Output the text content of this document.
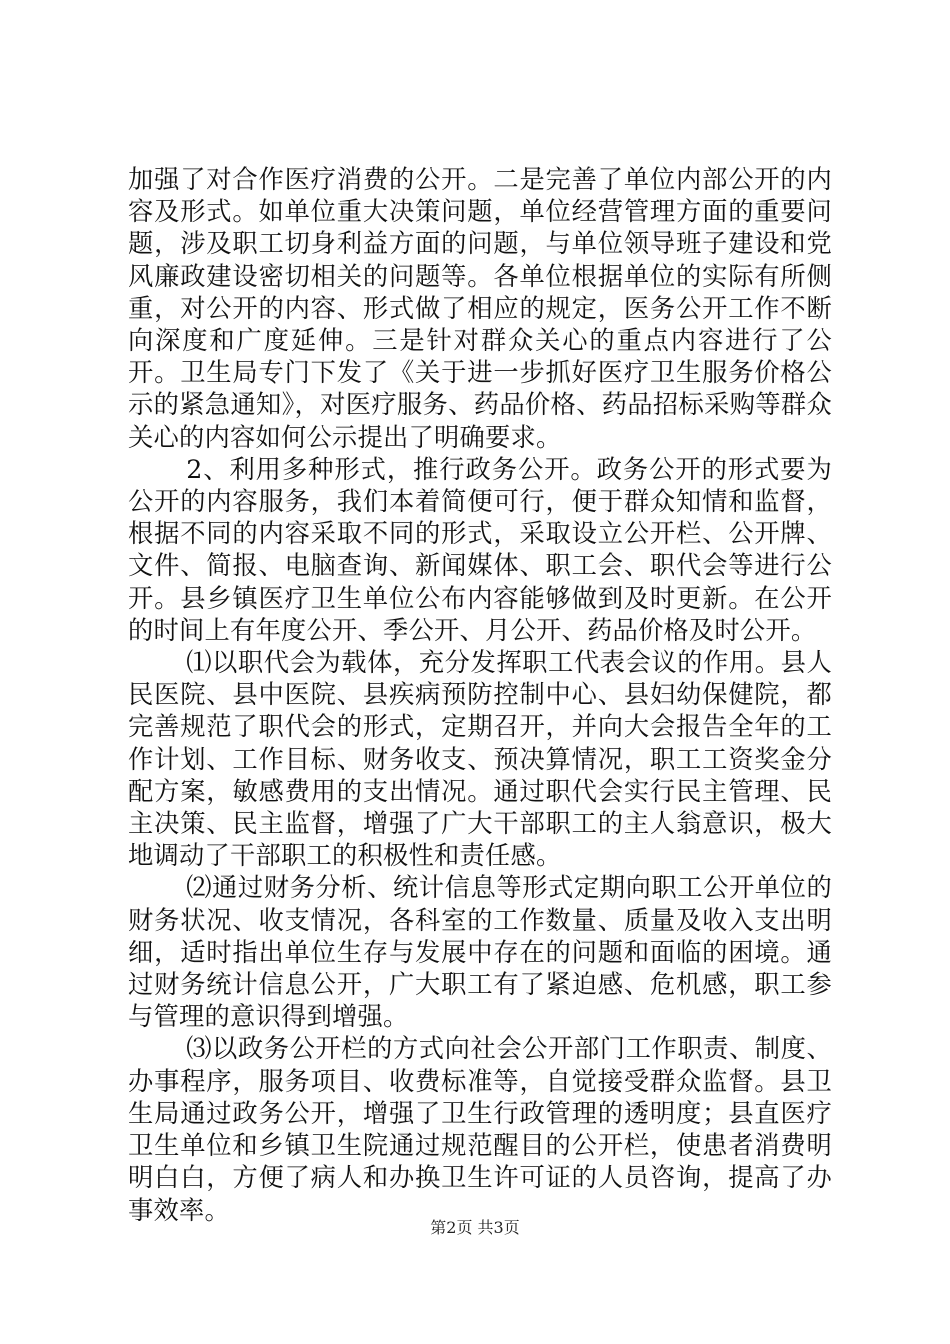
加强了对合作医疗消费的公开。二是完善了单位内部公开的内容及形式。如单位重大决策问题，单位经营管理方面的重要问题，涉及职工切身利益方面的问题，与单位领导班子建设和党风廉政建设密切相关的问题等。各单位根据单位的实际有所侧重，对公开的内容、形式做了相应的规定，医务公开工作不断向深度和广度延伸。三是针对群众关心的重点内容进行了公开。卫生局专门下发了《关于进一步抓好医疗卫生服务价格公示的紧急通知》，对医疗服务、药品价格、药品招标采购等群众关心的内容如何公示提出了明确要求。

2、利用多种形式，推行政务公开。政务公开的形式要为公开的内容服务，我们本着简便可行，便于群众知情和监督，根据不同的内容采取不同的形式，采取设立公开栏、公开牌、文件、简报、电脑查询、新闻媒体、职工会、职代会等进行公开。县乡镇医疗卫生单位公布内容能够做到及时更新。在公开的时间上有年度公开、季公开、月公开、药品价格及时公开。

⑴以职代会为载体，充分发挥职工代表会议的作用。县人民医院、县中医院、县疾病预防控制中心、县妇幼保健院，都完善规范了职代会的形式，定期召开，并向大会报告全年的工作计划、工作目标、财务收支、预决算情况，职工工资奖金分配方案，敏感费用的支出情况。通过职代会实行民主管理、民主决策、民主监督，增强了广大干部职工的主人翁意识，极大地调动了干部职工的积极性和责任感。

⑵通过财务分析、统计信息等形式定期向职工公开单位的财务状况、收支情况，各科室的工作数量、质量及收入支出明细，适时指出单位生存与发展中存在的问题和面临的困境。通过财务统计信息公开，广大职工有了紧迫感、危机感，职工参与管理的意识得到增强。

⑶以政务公开栏的方式向社会公开部门工作职责、制度、办事程序，服务项目、收费标准等，自觉接受群众监督。县卫生局通过政务公开，增强了卫生行政管理的透明度；县直医疗卫生单位和乡镇卫生院通过规范醒目的公开栏，使患者消费明明白白，方便了病人和办换卫生许可证的人员咨询，提高了办事效率。

第2页 共3页
